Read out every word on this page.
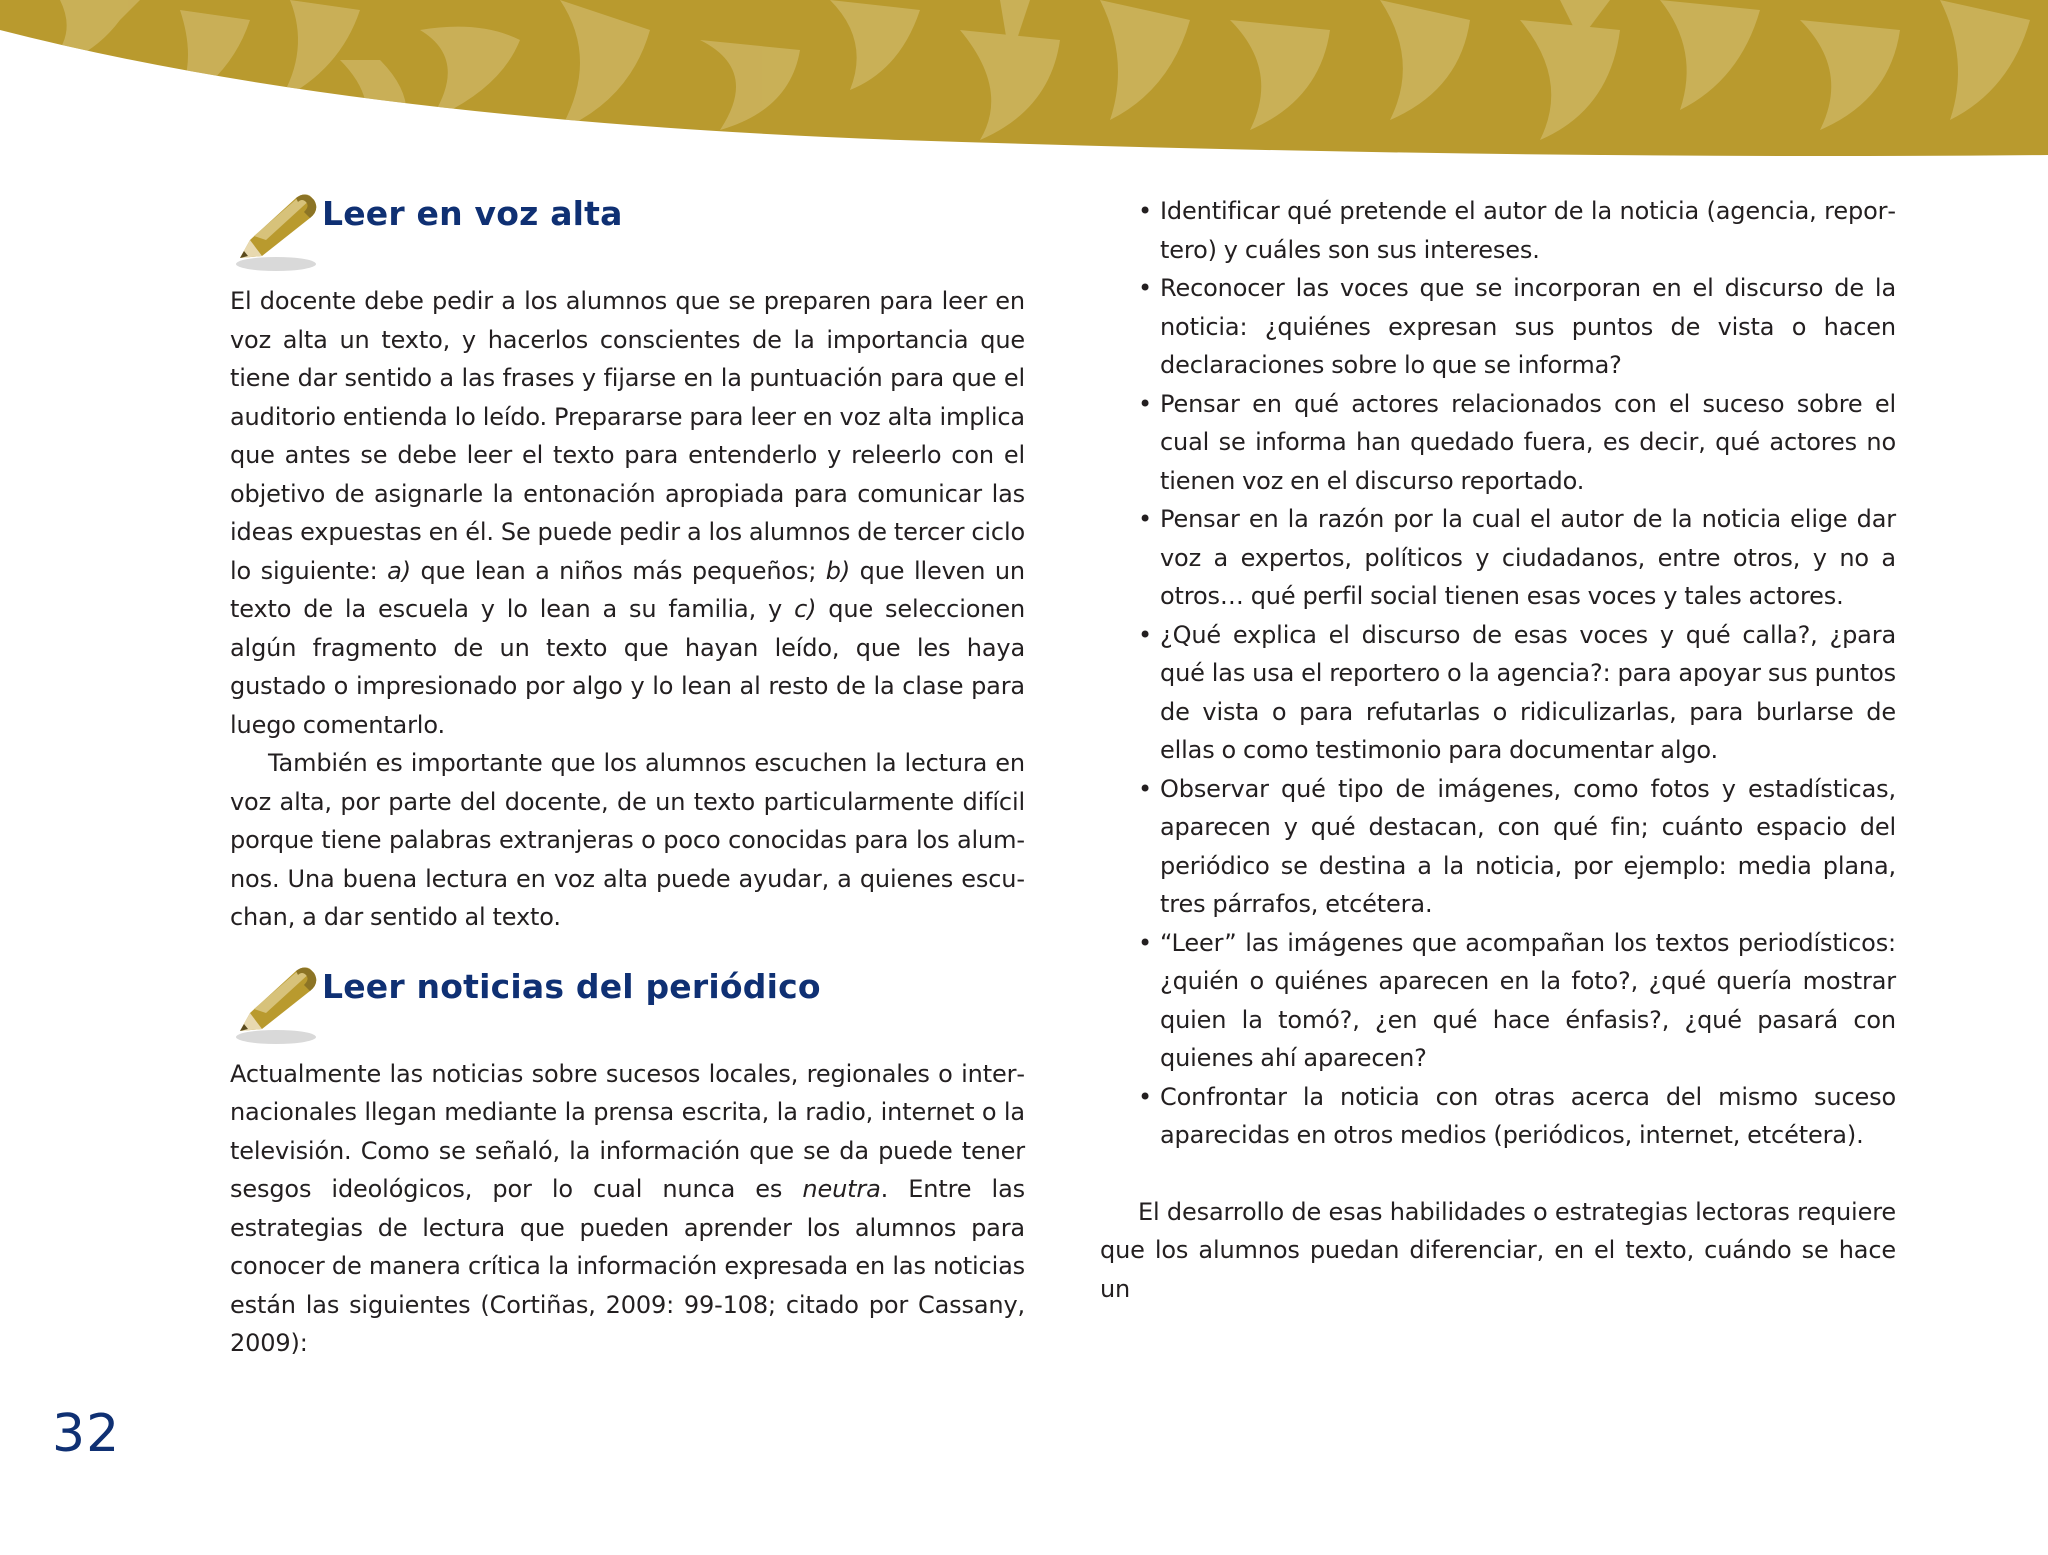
Leer en voz alta

El docente debe pedir a los alumnos que se preparen para leer en voz alta un texto, y hacerlos conscientes de la importancia que tiene dar sentido a las frases y fijarse en la puntuación para que el auditorio entienda lo leído. Prepararse para leer en voz alta implica que antes se debe leer el texto para entenderlo y releerlo con el objetivo de asignarle la entonación apropiada para comunicar las ideas expuestas en él. Se puede pedir a los alumnos de tercer ciclo lo siguiente: a) que lean a niños más pequeños; b) que lleven un texto de la escuela y lo lean a su familia, y c) que seleccionen algún fragmento de un texto que hayan leído, que les haya gustado o impresionado por algo y lo lean al resto de la clase para luego comentarlo.

También es importante que los alumnos escuchen la lectura en voz alta, por parte del docente, de un texto particularmente difícil porque tiene palabras extranjeras o poco conocidas para los alumnos. Una buena lectura en voz alta puede ayudar, a quienes escuchan, a dar sentido al texto.

Leer noticias del periódico

Actualmente las noticias sobre sucesos locales, regionales o internacionales llegan mediante la prensa escrita, la radio, internet o la televisión. Como se señaló, la información que se da puede tener sesgos ideológicos, por lo cual nunca es neutra. Entre las estrategias de lectura que pueden aprender los alumnos para conocer de manera crítica la información expresada en las noticias están las siguientes (Cortiñas, 2009: 99-108; citado por Cassany, 2009):

• Identificar qué pretende el autor de la noticia (agencia, reportero) y cuáles son sus intereses.
• Reconocer las voces que se incorporan en el discurso de la noticia: ¿quiénes expresan sus puntos de vista o hacen declaraciones sobre lo que se informa?
• Pensar en qué actores relacionados con el suceso sobre el cual se informa han quedado fuera, es decir, qué actores no tienen voz en el discurso reportado.
• Pensar en la razón por la cual el autor de la noticia elige dar voz a expertos, políticos y ciudadanos, entre otros, y no a otros… qué perfil social tienen esas voces y tales actores.
• ¿Qué explica el discurso de esas voces y qué calla?, ¿para qué las usa el reportero o la agencia?: para apoyar sus puntos de vista o para refutarlas o ridiculizarlas, para burlarse de ellas o como testimonio para documentar algo.
• Observar qué tipo de imágenes, como fotos y estadísticas, aparecen y qué destacan, con qué fin; cuánto espacio del periódico se destina a la noticia, por ejemplo: media plana, tres párrafos, etcétera.
• “Leer” las imágenes que acompañan los textos periodísticos: ¿quién o quiénes aparecen en la foto?, ¿qué quería mostrar quien la tomó?, ¿en qué hace énfasis?, ¿qué pasará con quienes ahí aparecen?
• Confrontar la noticia con otras acerca del mismo suceso aparecidas en otros medios (periódicos, internet, etcétera).

El desarrollo de esas habilidades o estrategias lectoras requiere que los alumnos puedan diferenciar, en el texto, cuándo se hace un

32
